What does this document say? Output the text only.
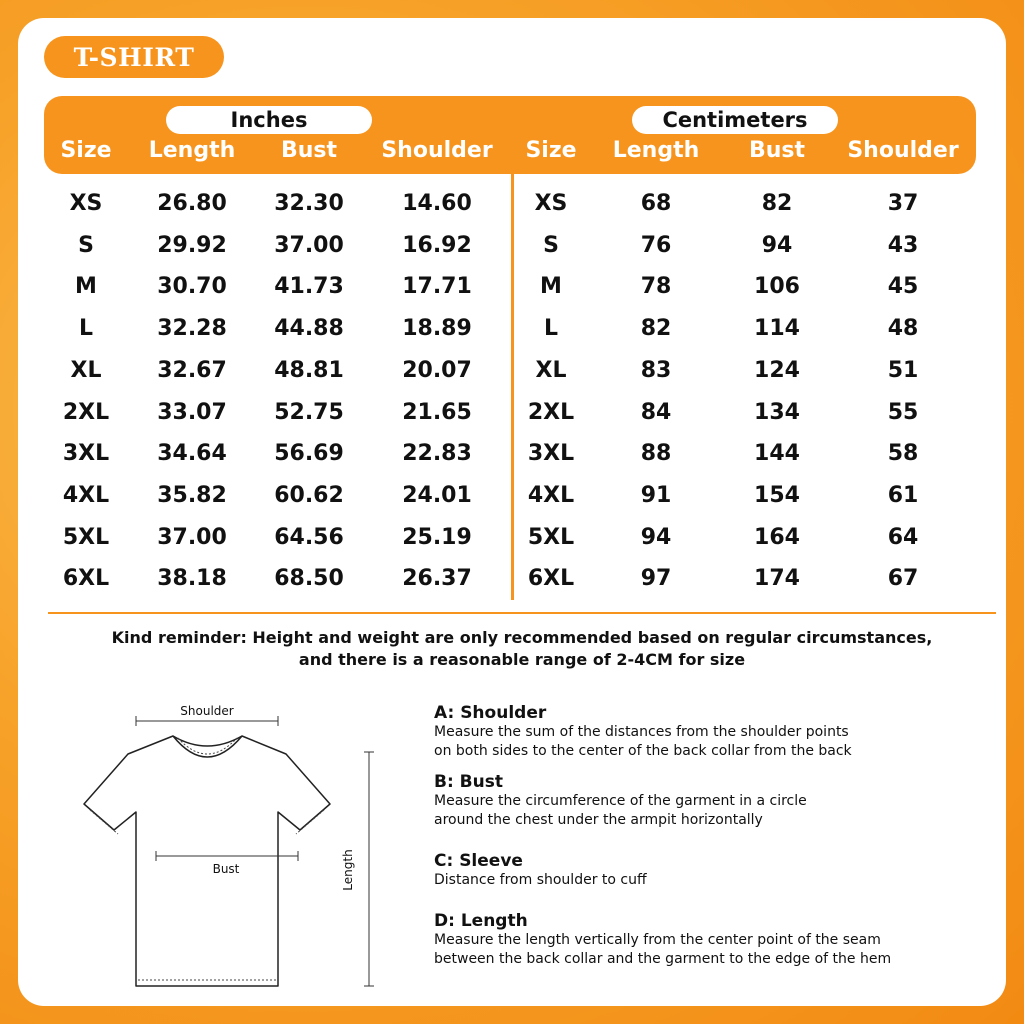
T-SHIRT
Inches	Centimeters
Size	Length	Bust	Shoulder	Size	Length	Bust	Shoulder
XS	26.80	32.30	14.60	XS	68	82	37
S	29.92	37.00	16.92	S	76	94	43
M	30.70	41.73	17.71	M	78	106	45
L	32.28	44.88	18.89	L	82	114	48
XL	32.67	48.81	20.07	XL	83	124	51
2XL	33.07	52.75	21.65	2XL	84	134	55
3XL	34.64	56.69	22.83	3XL	88	144	58
4XL	35.82	60.62	24.01	4XL	91	154	61
5XL	37.00	64.56	25.19	5XL	94	164	64
6XL	38.18	68.50	26.37	6XL	97	174	67
Kind reminder: Height and weight are only recommended based on regular circumstances,
and there is a reasonable range of 2-4CM for size
Shoulder
Bust	Length
A: Shoulder
Measure the sum of the distances from the shoulder points
on both sides to the center of the back collar from the back
B: Bust
Measure the circumference of the garment in a circle
around the chest under the armpit horizontally
C: Sleeve
Distance from shoulder to cuff
D: Length
Measure the length vertically from the center point of the seam
between the back collar and the garment to the edge of the hem
